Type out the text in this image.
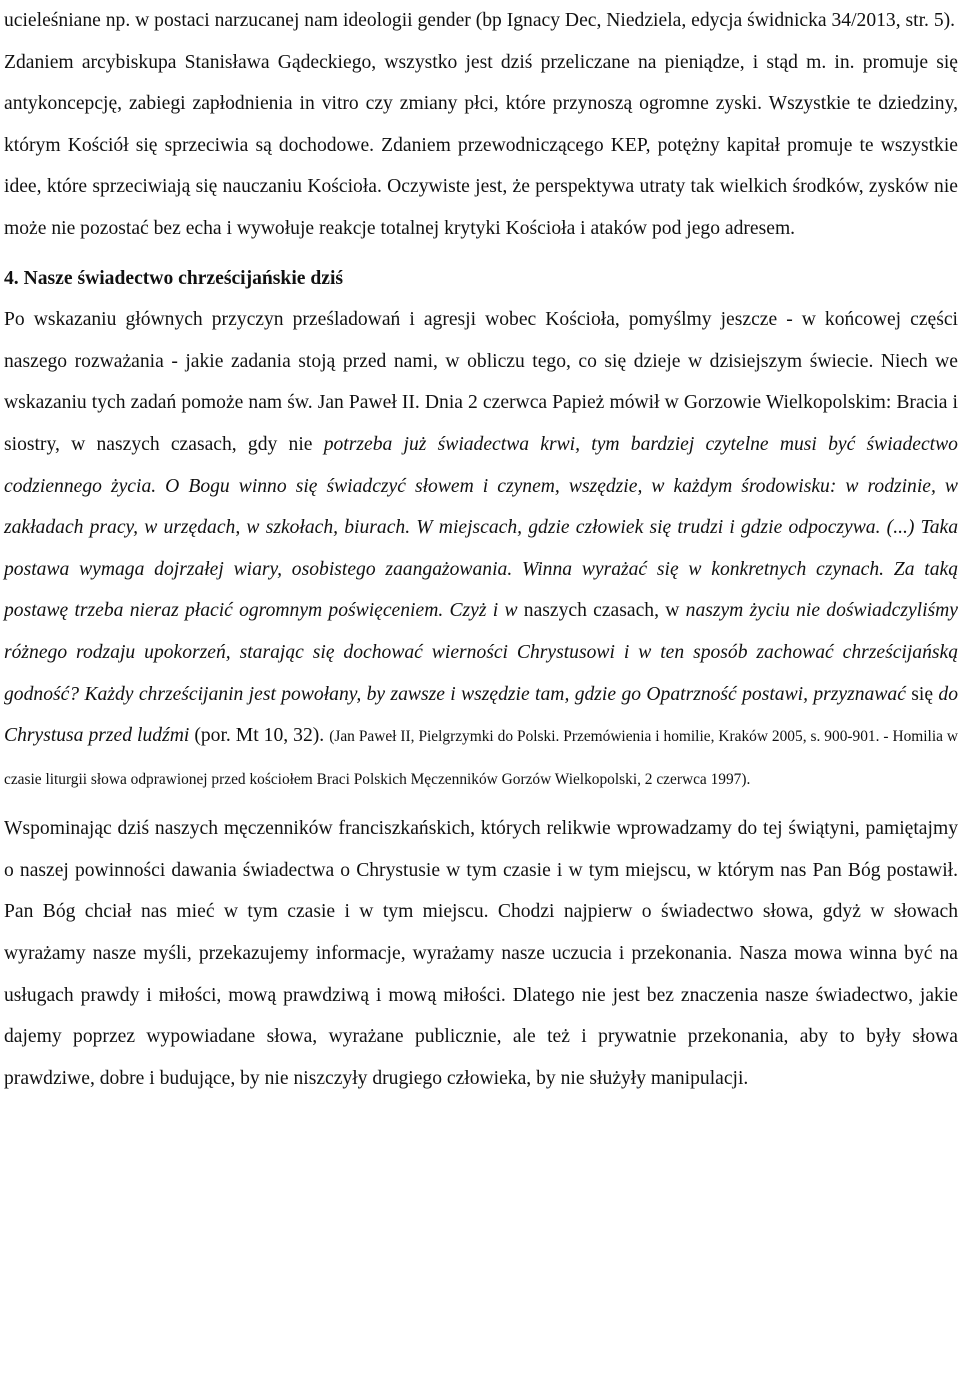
ucieleśniane np. w postaci narzucanej nam ideologii gender (bp Ignacy Dec, Niedziela, edycja świdnicka 34/2013, str. 5).

Zdaniem arcybiskupa Stanisława Gądeckiego, wszystko jest dziś przeliczane na pieniądze, i stąd m. in. promuje się antykoncepcję, zabiegi zapłodnienia in vitro czy zmiany płci, które przynoszą ogromne zyski. Wszystkie te dziedziny, którym Kościół się sprzeciwia są dochodowe. Zdaniem przewodniczącego KEP, potężny kapitał promuje te wszystkie idee, które sprzeciwiają się nauczaniu Kościoła. Oczywiste jest, że perspektywa utraty tak wielkich środków, zysków nie może nie pozostać bez echa i wywołuje reakcje totalnej krytyki Kościoła i ataków pod jego adresem.

4. Nasze świadectwo chrześcijańskie dziś

Po wskazaniu głównych przyczyn prześladowań i agresji wobec Kościoła, pomyślmy jeszcze - w końcowej części naszego rozważania - jakie zadania stoją przed nami, w obliczu tego, co się dzieje w dzisiejszym świecie. Niech we wskazaniu tych zadań pomoże nam św. Jan Paweł II. Dnia 2 czerwca Papież mówił w Gorzowie Wielkopolskim: Bracia i siostry, w naszych czasach, gdy nie potrzeba już świadectwa krwi, tym bardziej czytelne musi być świadectwo codziennego życia. O Bogu winno się świadczyć słowem i czynem, wszędzie, w każdym środowisku: w rodzinie, w zakładach pracy, w urzędach, w szkołach, biurach. W miejscach, gdzie człowiek się trudzi i gdzie odpoczywa. (...) Taka postawa wymaga dojrzałej wiary, osobistego zaangażowania. Winna wyrażać się w konkretnych czynach. Za taką postawę trzeba nieraz płacić ogromnym poświęceniem. Czyż i w naszych czasach, w naszym życiu nie doświadczyliśmy różnego rodzaju upokorzeń, starając się dochować wierności Chrystusowi i w ten sposób zachować chrześcijańską godność? Każdy chrześcijanin jest powołany, by zawsze i wszędzie tam, gdzie go Opatrzność postawi, przyznawać się do Chrystusa przed ludźmi (por. Mt 10, 32). (Jan Paweł II, Pielgrzymki do Polski. Przemówienia i homilie, Kraków 2005, s. 900-901. - Homilia w czasie liturgii słowa odprawionej przed kościołem Braci Polskich Męczenników Gorzów Wielkopolski, 2 czerwca 1997).

Wspominając dziś naszych męczenników franciszkańskich, których relikwie wprowadzamy do tej świątyni, pamiętajmy o naszej powinności dawania świadectwa o Chrystusie w tym czasie i w tym miejscu, w którym nas Pan Bóg postawił. Pan Bóg chciał nas mieć w tym czasie i w tym miejscu. Chodzi najpierw o świadectwo słowa, gdyż w słowach wyrażamy nasze myśli, przekazujemy informacje, wyrażamy nasze uczucia i przekonania. Nasza mowa winna być na usługach prawdy i miłości, mową prawdziwą i mową miłości. Dlatego nie jest bez znaczenia nasze świadectwo, jakie dajemy poprzez wypowiadane słowa, wyrażane publicznie, ale też i prywatnie przekonania, aby to były słowa prawdziwe, dobre i budujące, by nie niszczyły drugiego człowieka, by nie służyły manipulacji.
